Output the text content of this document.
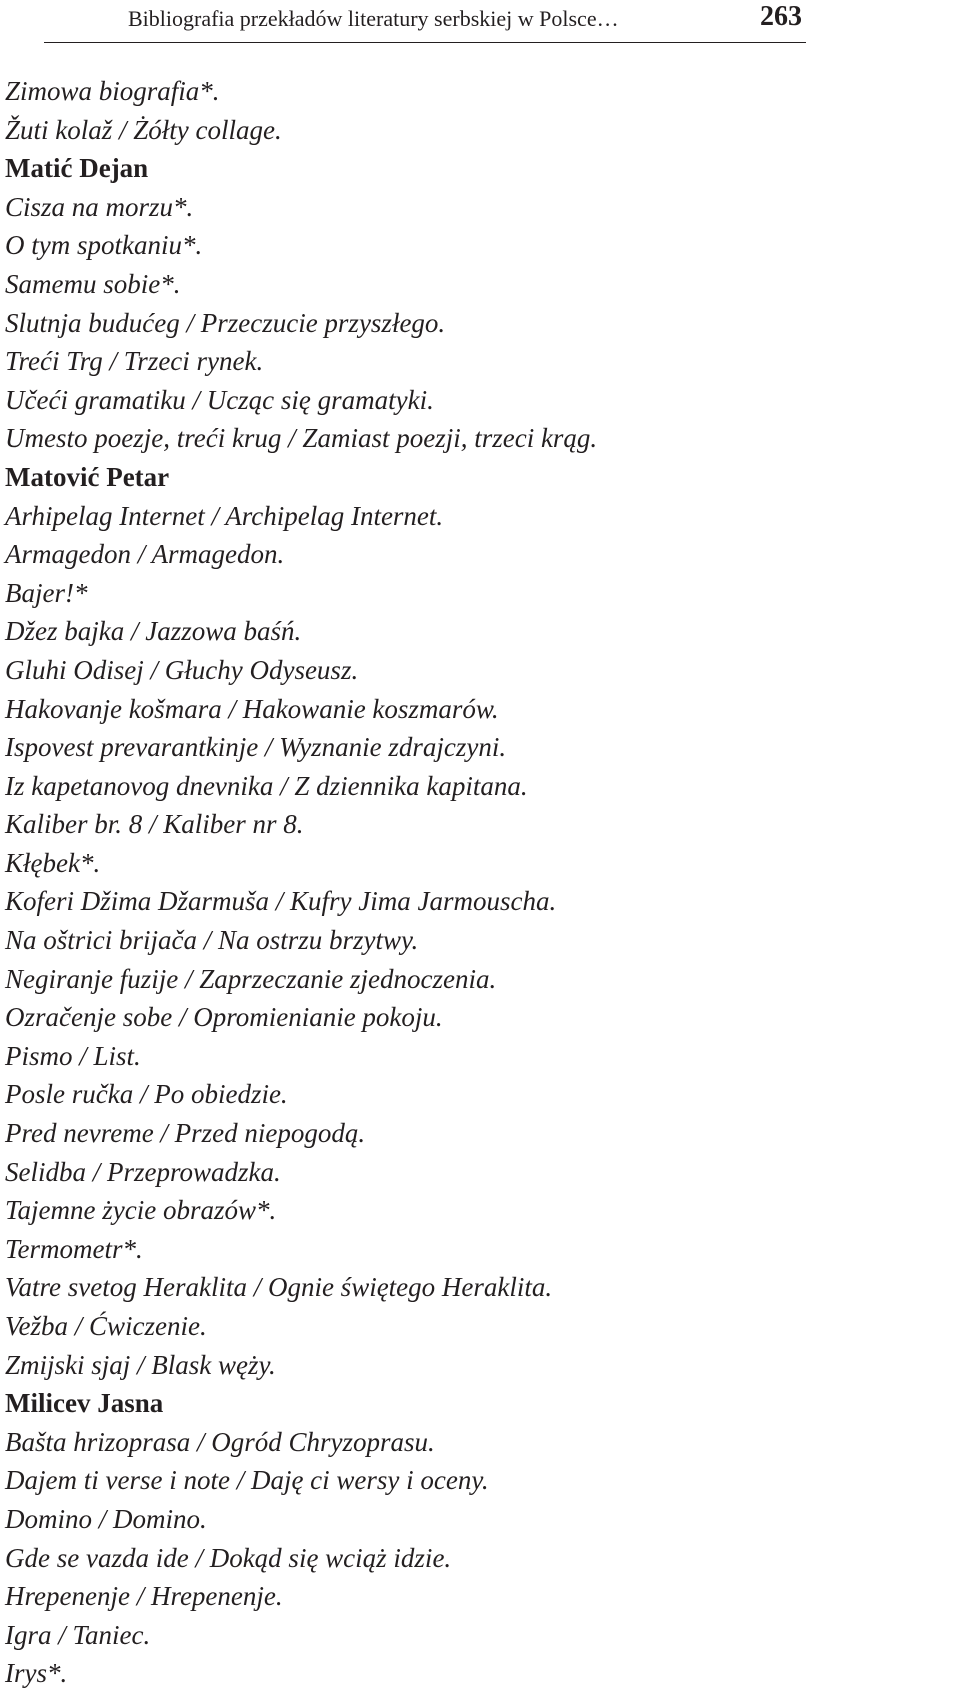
Bibliografia przekładów literatury serbskiej w Polsce…	263
Zimowa biografia*.
Žuti kolaž / Żółty collage.
Matić Dejan
Cisza na morzu*.
O tym spotkaniu*.
Samemu sobie*.
Slutnja budućeg / Przeczucie przyszłego.
Treći Trg / Trzeci rynek.
Učeći gramatiku / Ucząc się gramatyki.
Umesto poezje, treći krug / Zamiast poezji, trzeci krąg.
Matović Petar
Arhipelag Internet / Archipelag Internet.
Armagedon / Armagedon.
Bajer!*
Džez bajka / Jazzowa baśń.
Gluhi Odisej / Głuchy Odyseusz.
Hakovanje košmara / Hakowanie koszmarów.
Ispovest prevarantkinje / Wyznanie zdrajczyni.
Iz kapetanovog dnevnika / Z dziennika kapitana.
Kaliber br. 8 / Kaliber nr 8.
Kłębek*.
Koferi Džima Džarmuša / Kufry Jima Jarmouscha.
Na oštrici brijača / Na ostrzu brzytwy.
Negiranje fuzije / Zaprzeczanie zjednoczenia.
Ozračenje sobe / Opromienianie pokoju.
Pismo / List.
Posle ručka / Po obiedzie.
Pred nevreme / Przed niepogodą.
Selidba / Przeprowadzka.
Tajemne życie obrazów*.
Termometr*.
Vatre svetog Heraklita / Ognie świętego Heraklita.
Vežba / Ćwiczenie.
Zmijski sjaj / Blask węży.
Milicev Jasna
Bašta hrizoprasa / Ogród Chryzoprasu.
Dajem ti verse i note / Daję ci wersy i oceny.
Domino / Domino.
Gde se vazda ide / Dokąd się wciąż idzie.
Hrepenenje / Hrepenenje.
Igra / Taniec.
Irys*.
